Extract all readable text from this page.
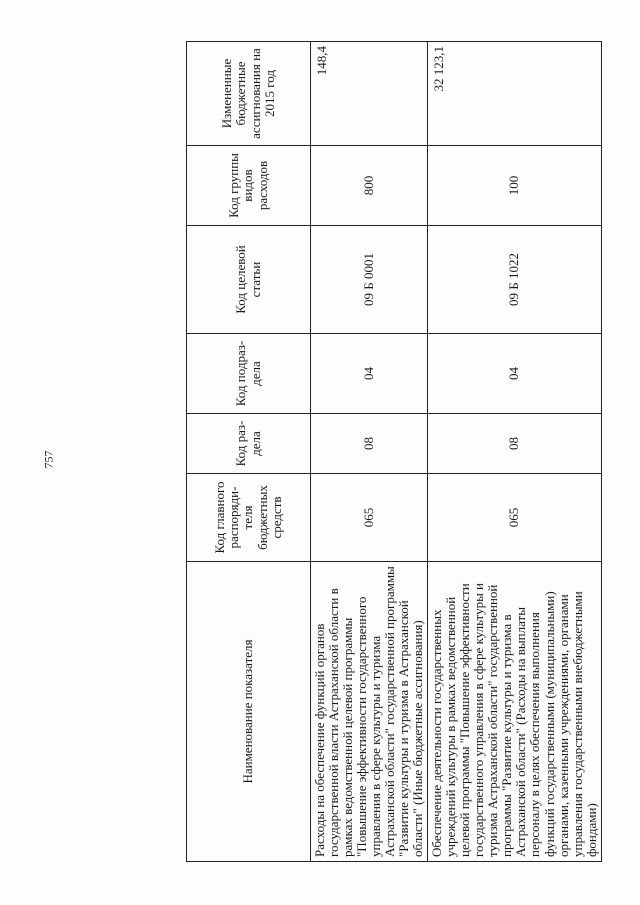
757
Наименование показателя	Код главного распоряди-теля бюджетных средств	Код раз-дела	Код подраз-дела	Код целевой статьи	Код группы видов расходов	Измененные бюджетные ассигнования на 2015 год
Расходы на обеспечение функций органов государственной власти Астраханской области в рамках ведомственной целевой программы "Повышение эффективности государственного управления в сфере культуры и туризма Астраханской области" государственной программы "Развитие культуры и туризма в Астраханской области" (Иные бюджетные ассигнования)	065	08	04	09 Б 0001	800	148,4
Обеспечение деятельности государственных учреждений культуры в рамках ведомственной целевой программы "Повышение эффективности государственного управления в сфере культуры и туризма Астраханской области" государственной программы "Развитие культуры и туризма в Астраханской области" (Расходы на выплаты персоналу в целях обеспечения выполнения функций государственными (муниципальными) органами, казенными учреждениями, органами управления государственными внебюджетными фондами)	065	08	04	09 Б 1022	100	32 123,1
